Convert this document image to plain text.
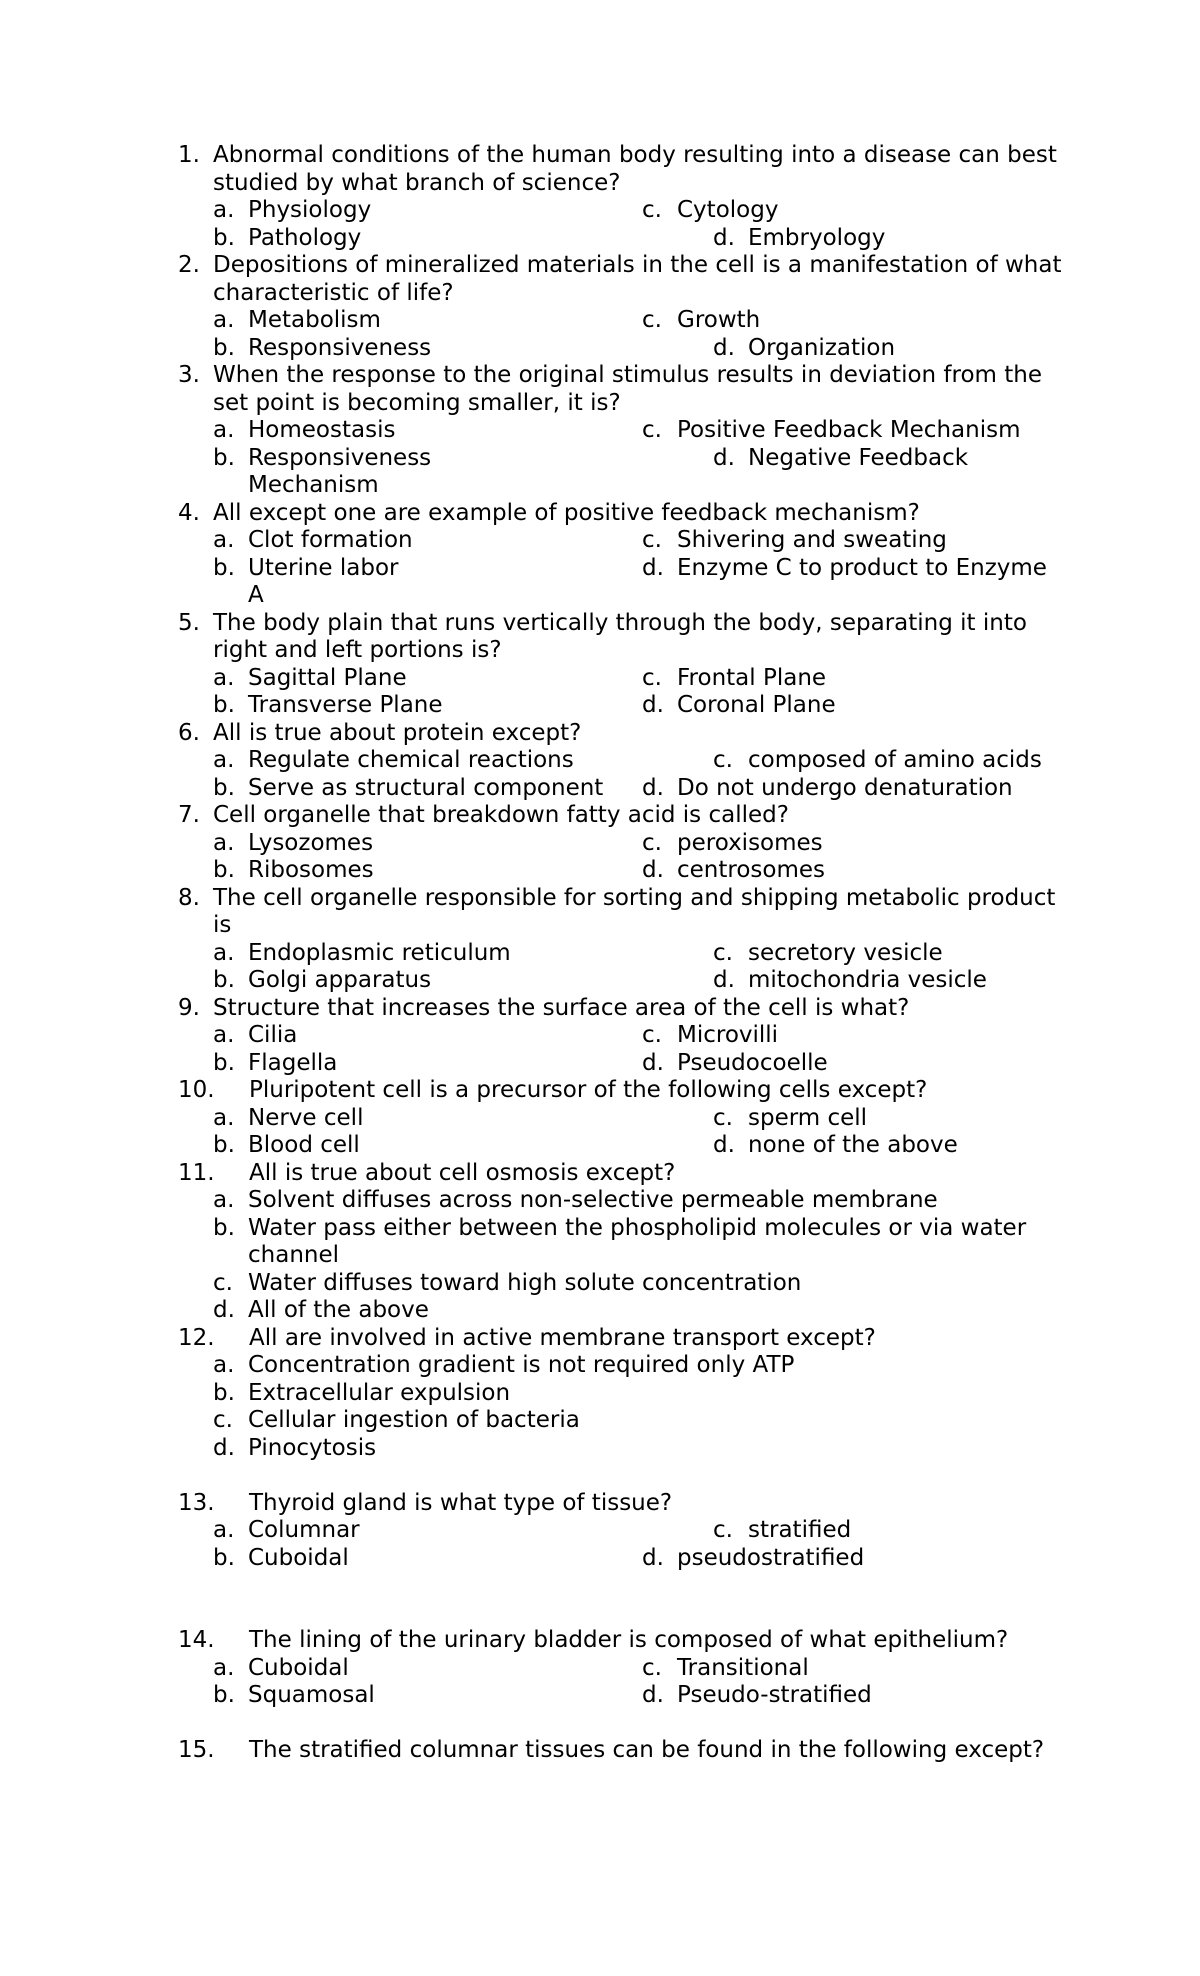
1. Abnormal conditions of the human body resulting into a disease can best studied by what branch of science?
a. Physiology	c. Cytology
b. Pathology	d. Embryology
2. Depositions of mineralized materials in the cell is a manifestation of what characteristic of life?
a. Metabolism	c. Growth
b. Responsiveness	d. Organization
3. When the response to the original stimulus results in deviation from the set point is becoming smaller, it is?
a. Homeostasis	c. Positive Feedback Mechanism
b. Responsiveness	d. Negative Feedback
Mechanism
4. All except one are example of positive feedback mechanism?
a. Clot formation	c. Shivering and sweating
b. Uterine labor	d. Enzyme C to product to Enzyme
A
5. The body plain that runs vertically through the body, separating it into right and left portions is?
a. Sagittal Plane	c. Frontal Plane
b. Transverse Plane	d. Coronal Plane
6. All is true about protein except?
a. Regulate chemical reactions	c. composed of amino acids
b. Serve as structural component d. Do not undergo denaturation
7. Cell organelle that breakdown fatty acid is called?
a. Lysozomes	c. peroxisomes
b. Ribosomes	d. centrosomes
8. The cell organelle responsible for sorting and shipping metabolic product is
a. Endoplasmic reticulum	c. secretory vesicle
b. Golgi apparatus	d. mitochondria vesicle
9. Structure that increases the surface area of the cell is what?
a. Cilia	c. Microvilli
b. Flagella	d. Pseudocoelle
10.	Pluripotent cell is a precursor of the following cells except?
a. Nerve cell	c. sperm cell
b. Blood cell	d. none of the above
11.	All is true about cell osmosis except?
a. Solvent diffuses across non-selective permeable membrane
b. Water pass either between the phospholipid molecules or via water channel
c. Water diffuses toward high solute concentration
d. All of the above
12.	All are involved in active membrane transport except?
a. Concentration gradient is not required only ATP
b. Extracellular expulsion
c. Cellular ingestion of bacteria
d. Pinocytosis
13.	Thyroid gland is what type of tissue?
a. Columnar	c. stratified
b. Cuboidal	d. pseudostratified
14.	The lining of the urinary bladder is composed of what epithelium?
a. Cuboidal	c. Transitional
b. Squamosal	d. Pseudo-stratified
15.	The stratified columnar tissues can be found in the following except?
